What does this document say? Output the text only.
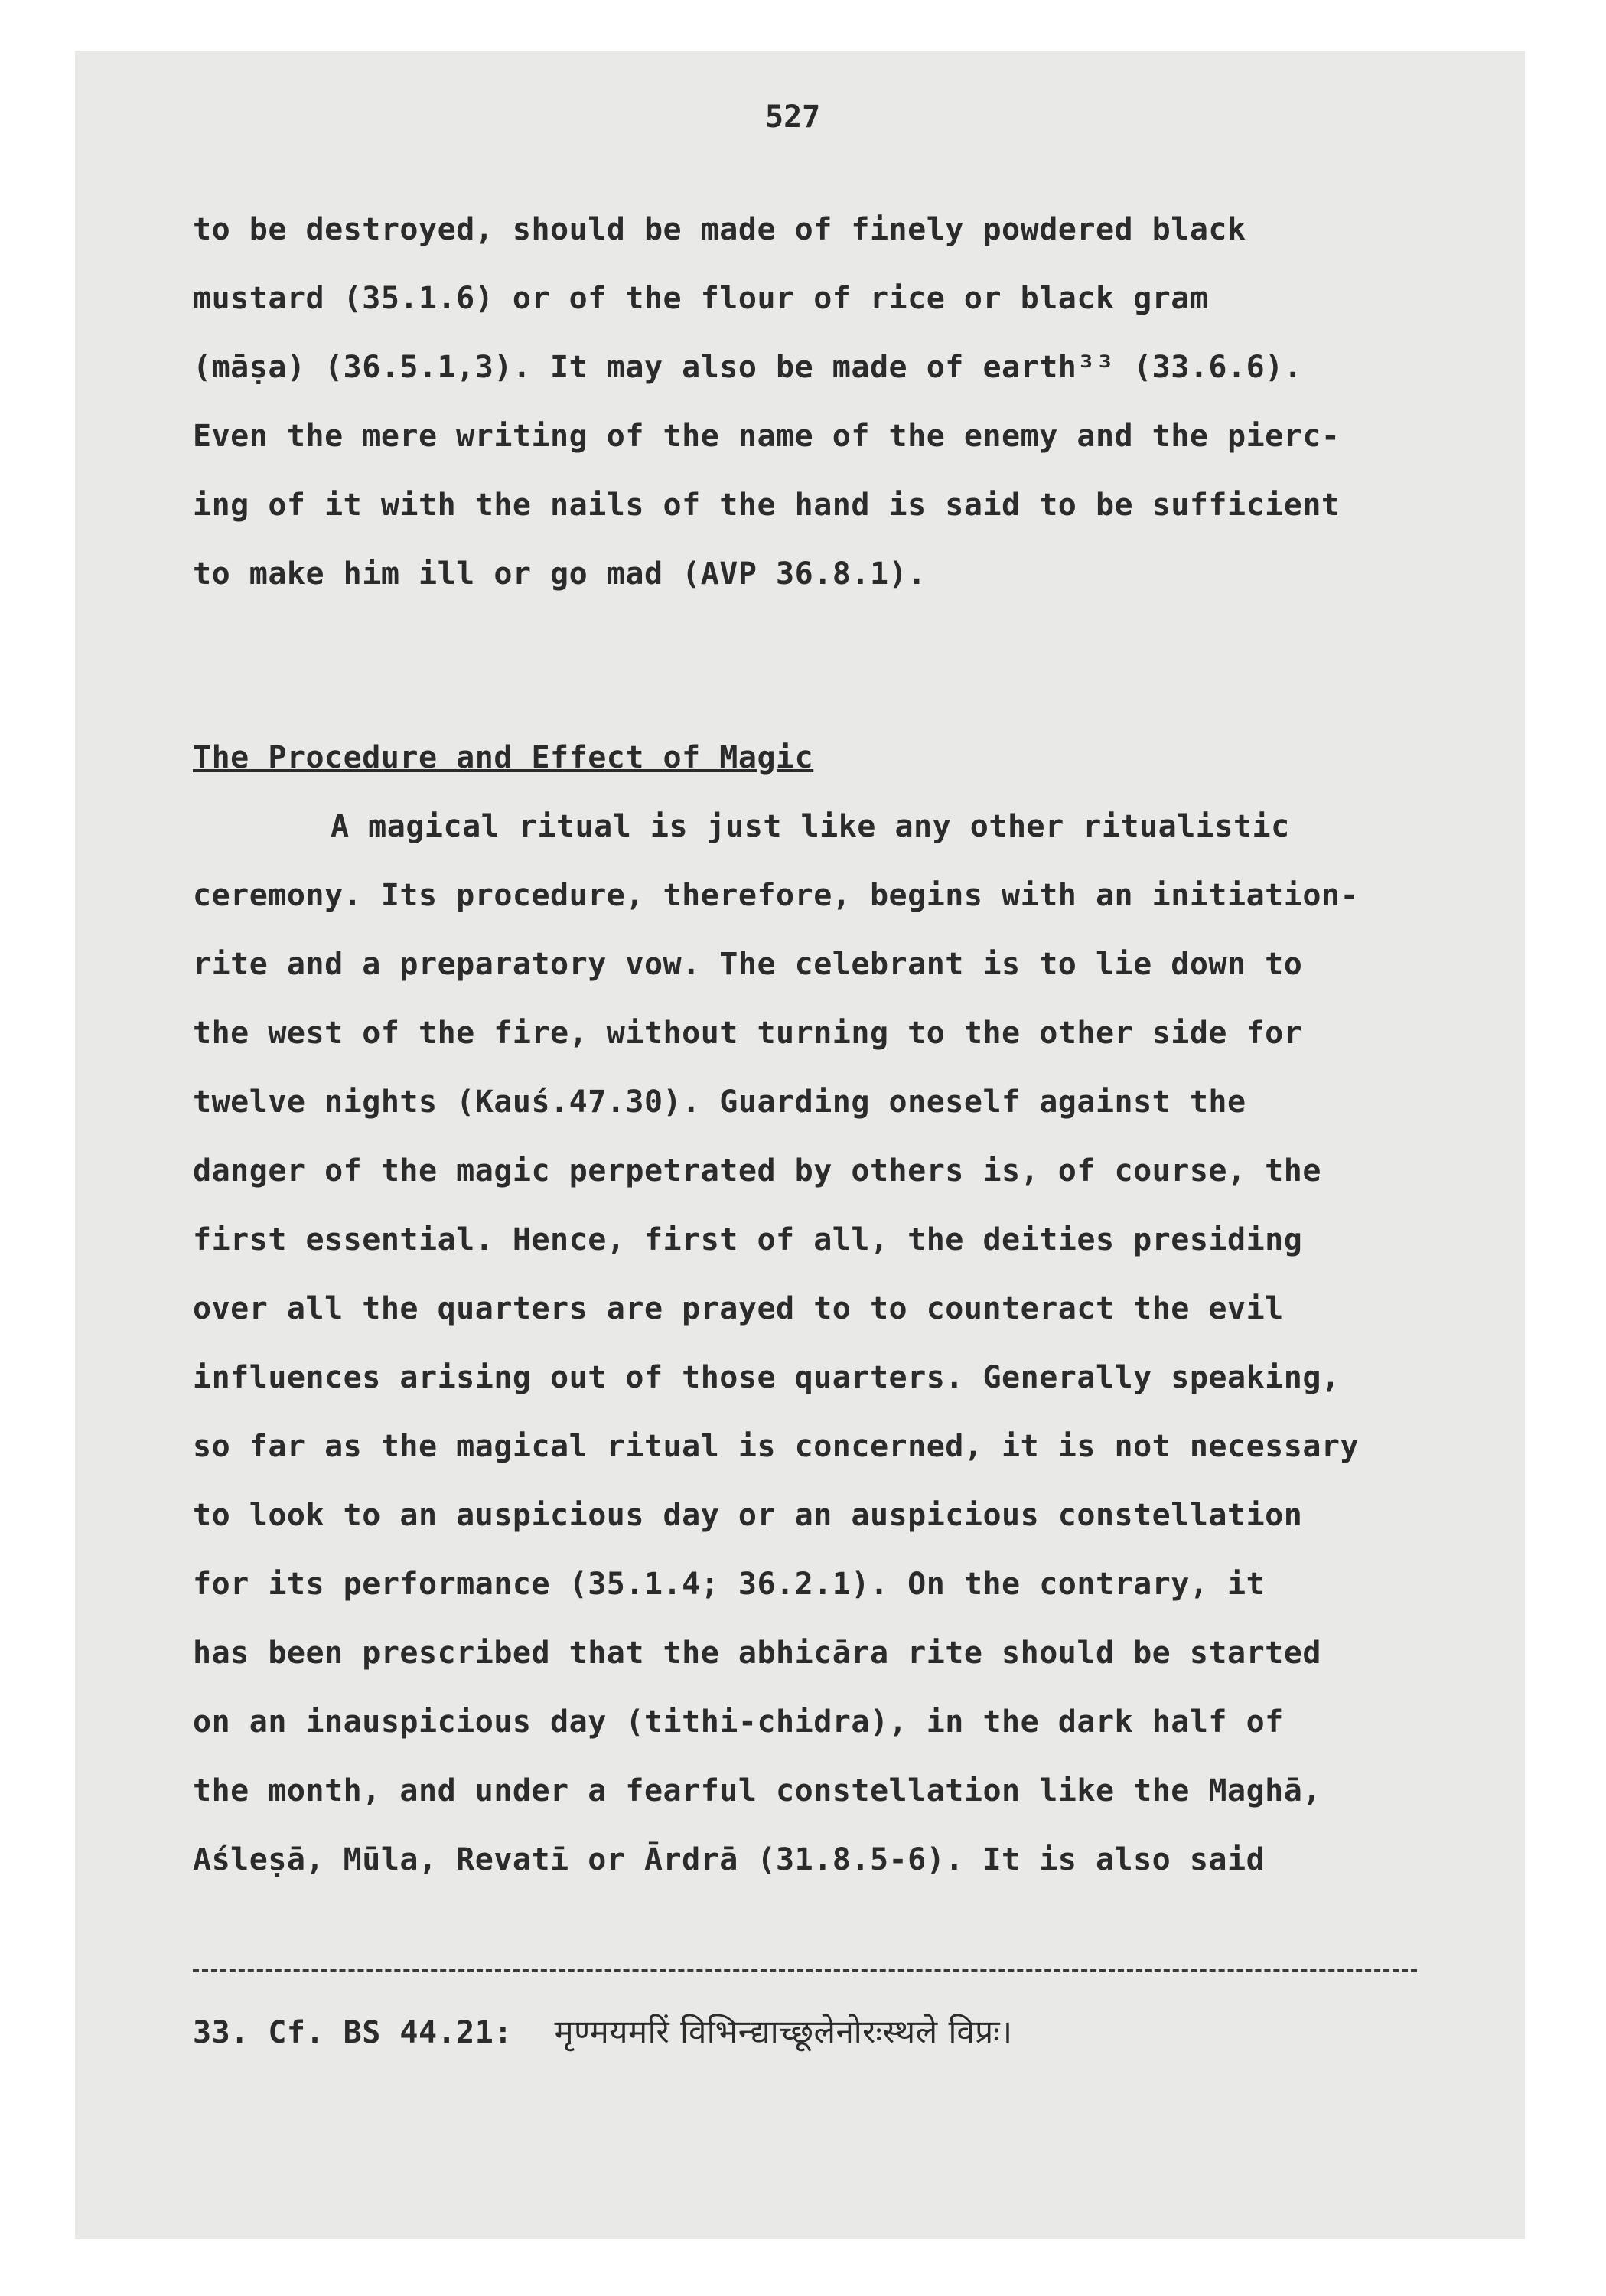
527
to be destroyed, should be made of finely powdered black
mustard (35.1.6) or of the flour of rice or black gram
(māṣa) (36.5.1,3). It may also be made of earth³³ (33.6.6).
Even the mere writing of the name of the enemy and the pierc-
ing of it with the nails of the hand is said to be sufficient
to make him ill or go mad (AVP 36.8.1).
The Procedure and Effect of Magic
A magical ritual is just like any other ritualistic
ceremony. Its procedure, therefore, begins with an initiation-
rite and a preparatory vow. The celebrant is to lie down to
the west of the fire, without turning to the other side for
twelve nights (Kauś.47.30). Guarding oneself against the
danger of the magic perpetrated by others is, of course, the
first essential. Hence, first of all, the deities presiding
over all the quarters are prayed to to counteract the evil
influences arising out of those quarters. Generally speaking,
so far as the magical ritual is concerned, it is not necessary
to look to an auspicious day or an auspicious constellation
for its performance (35.1.4; 36.2.1). On the contrary, it
has been prescribed that the abhicāra rite should be started
on an inauspicious day (tithi-chidra), in the dark half of
the month, and under a fearful constellation like the Maghā,
Aśleṣā, Mūla, Revatī or Ārdrā (31.8.5-6). It is also said
33. Cf. BS 44.21: मृण्मयमरिं विभिन्द्याच्छूलेनोरःस्थले विप्रः।
